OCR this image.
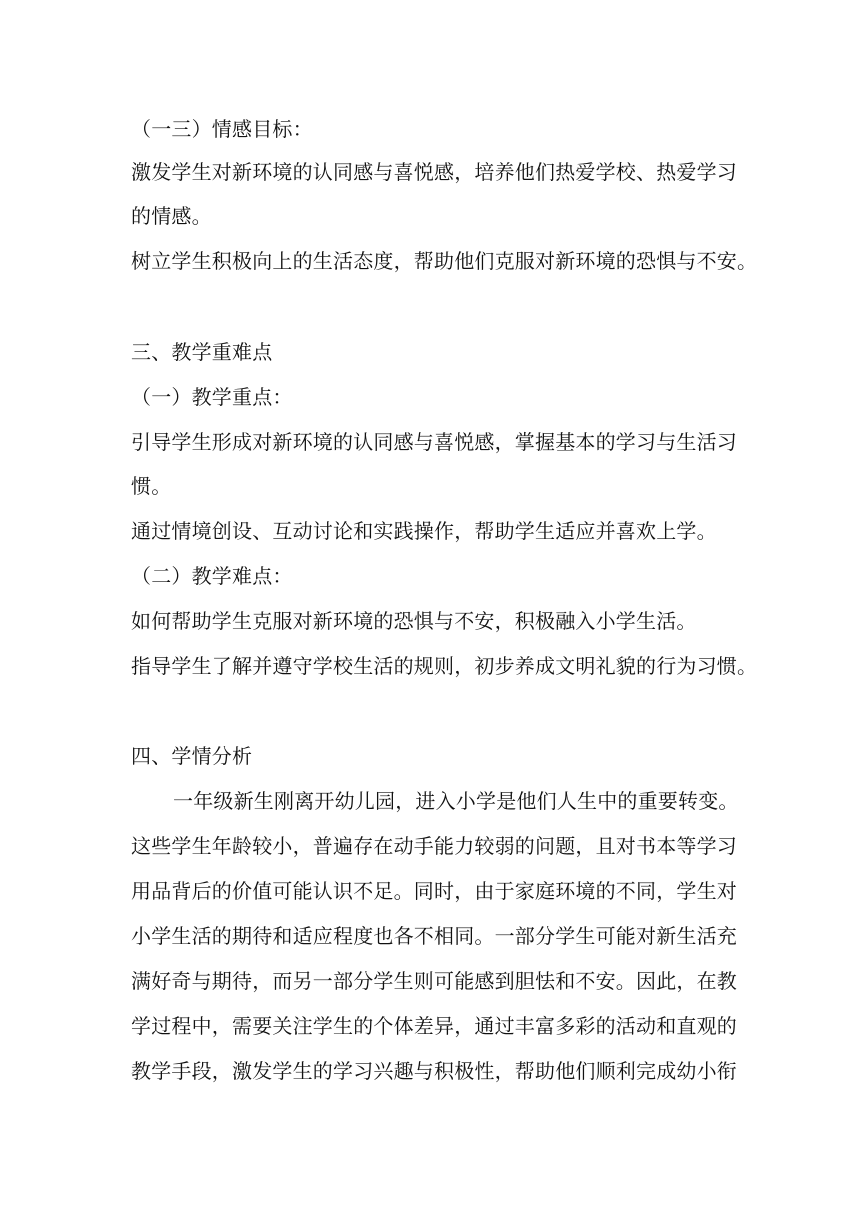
（一三）情感目标：
激发学生对新环境的认同感与喜悦感，培养他们热爱学校、热爱学习
的情感。
树立学生积极向上的生活态度，帮助他们克服对新环境的恐惧与不安。
三、教学重难点
（一）教学重点：
引导学生形成对新环境的认同感与喜悦感，掌握基本的学习与生活习
惯。
通过情境创设、互动讨论和实践操作，帮助学生适应并喜欢上学。
（二）教学难点：
如何帮助学生克服对新环境的恐惧与不安，积极融入小学生活。
指导学生了解并遵守学校生活的规则，初步养成文明礼貌的行为习惯。
四、学情分析
一年级新生刚离开幼儿园，进入小学是他们人生中的重要转变。
这些学生年龄较小，普遍存在动手能力较弱的问题，且对书本等学习
用品背后的价值可能认识不足。同时，由于家庭环境的不同，学生对
小学生活的期待和适应程度也各不相同。一部分学生可能对新生活充
满好奇与期待，而另一部分学生则可能感到胆怯和不安。因此，在教
学过程中，需要关注学生的个体差异，通过丰富多彩的活动和直观的
教学手段，激发学生的学习兴趣与积极性，帮助他们顺利完成幼小衔
